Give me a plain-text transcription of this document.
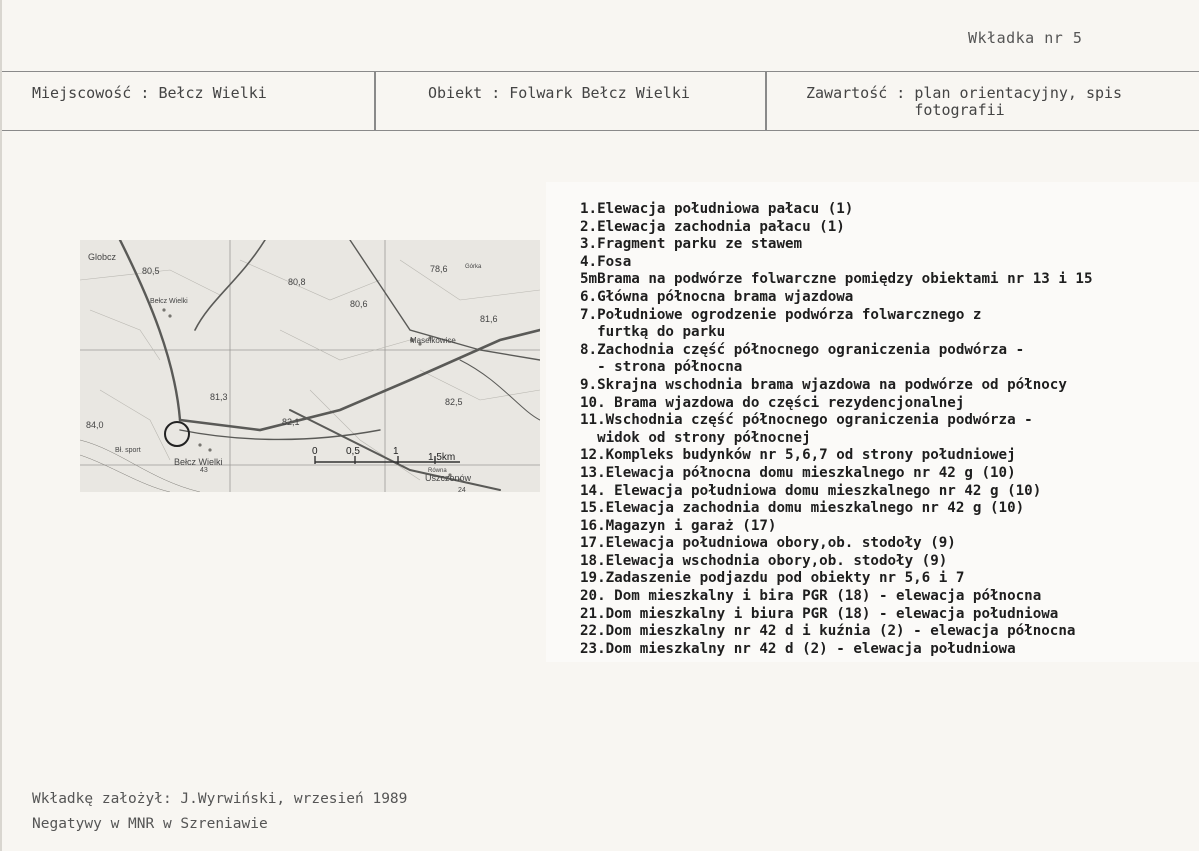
Wkładka nr 5
Miejscowość : Bełcz Wielki	Obiekt : Folwark Bełcz Wielki	Zawartość : plan orientacyjny, spis fotografii
Globcz
Bełcz Wielki
80,5
80,8
80,6
81,3
82,1
82,5
84,0
78,6
81,6
43
24
Górka
Bł. sport
Bełcz Wielki
Masełkowice
Uszczonów
Równa
0	0,5	1
1,5km
1.Elewacja południowa pałacu (1)
2.Elewacja zachodnia pałacu (1)
3.Fragment parku ze stawem
4.Fosa
5mBrama na podwórze folwarczne pomiędzy obiektami nr 13 i 15
6.Główna północna brama wjazdowa
7.Południowe ogrodzenie podwórza folwarcznego z
furtką do parku
8.Zachodnia część północnego ograniczenia podwórza -
- strona północna
9.Skrajna wschodnia brama wjazdowa na podwórze od północy
10. Brama wjazdowa do części rezydencjonalnej
11.Wschodnia część północnego ograniczenia podwórza -
widok od strony północnej
12.Kompleks budynków nr 5,6,7 od strony południowej
13.Elewacja północna domu mieszkalnego nr 42 g (10)
14. Elewacja południowa domu mieszkalnego nr 42 g (10)
15.Elewacja zachodnia domu mieszkalnego nr 42 g (10)
16.Magazyn i garaż (17)
17.Elewacja południowa obory,ob. stodoły (9)
18.Elewacja wschodnia obory,ob. stodoły (9)
19.Zadaszenie podjazdu pod obiekty nr 5,6 i 7
20. Dom mieszkalny i bira PGR (18) - elewacja północna
21.Dom mieszkalny i biura PGR (18) - elewacja południowa
22.Dom mieszkalny nr 42 d i kuźnia (2) - elewacja północna
23.Dom mieszkalny nr 42 d (2) - elewacja południowa
Wkładkę założył: J.Wyrwiński, wrzesień 1989
Negatywy w MNR w Szreniawie
